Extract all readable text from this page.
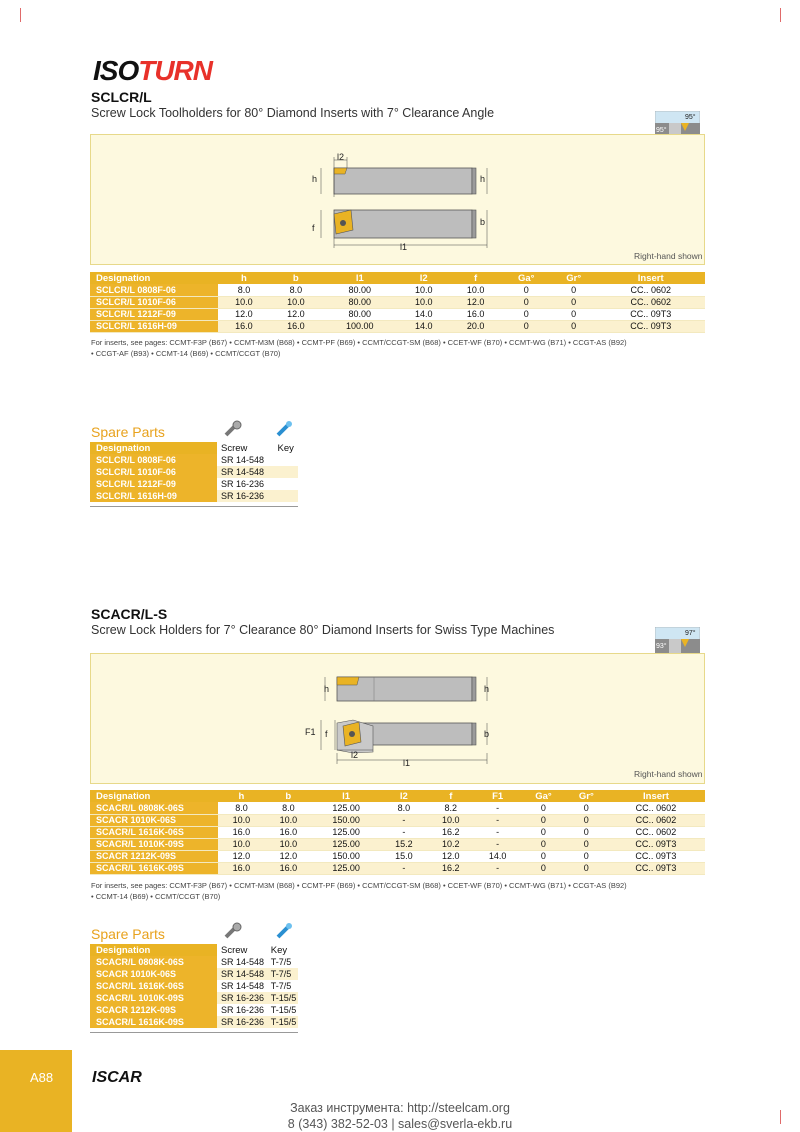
ISOTURN
SCLCR/L
Screw Lock Toolholders for 80° Diamond Inserts with 7° Clearance Angle	95°
95°
l2
h	h
b
f
l1
Right-hand shown
Designation	h	b	l1	l2	f	Ga°	Gr°	Insert
SCLCR/L 0808F-06	8.0	8.0	80.00	10.0	10.0	0	0	CC.. 0602
SCLCR/L 1010F-06	10.0	10.0	80.00	10.0	12.0	0	0	CC.. 0602
SCLCR/L 1212F-09	12.0	12.0	80.00	14.0	16.0	0	0	CC.. 09T3
SCLCR/L 1616H-09	16.0	16.0	100.00	14.0	20.0	0	0	CC.. 09T3
For inserts, see pages: CCMT-F3P (B67) • CCMT-M3M (B68) • CCMT-PF (B69) • CCMT/CCGT-SM (B68) • CCET-WF (B70) • CCMT-WG (B71) • CCGT-AS (B92)
• CCGT-AF (B93) • CCMT-14 (B69) • CCMT/CCGT (B70)
Spare Parts
Designation	Screw	Key
SCLCR/L 0808F-06	SR 14-548	
SCLCR/L 1010F-06	SR 14-548	
SCLCR/L 1212F-09	SR 16-236	
SCLCR/L 1616H-09	SR 16-236	
SCACR/L-S
Screw Lock Holders for 7° Clearance 80° Diamond Inserts for Swiss Type Machines	97°
93°
h	h
F1 f	b
l2
l1
Right-hand shown
Designation	h	b	l1	l2	f	F1	Ga°	Gr°	Insert
SCACR/L 0808K-06S	8.0	8.0	125.00	8.0	8.2	-	0	0	CC.. 0602
SCACR 1010K-06S	10.0	10.0	150.00	-	10.0	-	0	0	CC.. 0602
SCACR/L 1616K-06S	16.0	16.0	125.00	-	16.2	-	0	0	CC.. 0602
SCACR/L 1010K-09S	10.0	10.0	125.00	15.2	10.2	-	0	0	CC.. 09T3
SCACR 1212K-09S	12.0	12.0	150.00	15.0	12.0	14.0	0	0	CC.. 09T3
SCACR/L 1616K-09S	16.0	16.0	125.00	-	16.2	-	0	0	CC.. 09T3
For inserts, see pages: CCMT-F3P (B67) • CCMT-M3M (B68) • CCMT-PF (B69) • CCMT/CCGT-SM (B68) • CCET-WF (B70) • CCMT-WG (B71) • CCGT-AS (B92)
• CCMT-14 (B69) • CCMT/CCGT (B70)
Spare Parts
Designation	Screw	Key
SCACR/L 0808K-06S	SR 14-548	T-7/5
SCACR 1010K-06S	SR 14-548	T-7/5
SCACR/L 1616K-06S	SR 14-548	T-7/5
SCACR/L 1010K-09S	SR 16-236	T-15/5
SCACR 1212K-09S	SR 16-236	T-15/5
SCACR/L 1616K-09S	SR 16-236	T-15/5
A88 ISCAR
Заказ инструмента: http://steelcam.org
8 (343) 382-52-03 | sales@sverla-ekb.ru
